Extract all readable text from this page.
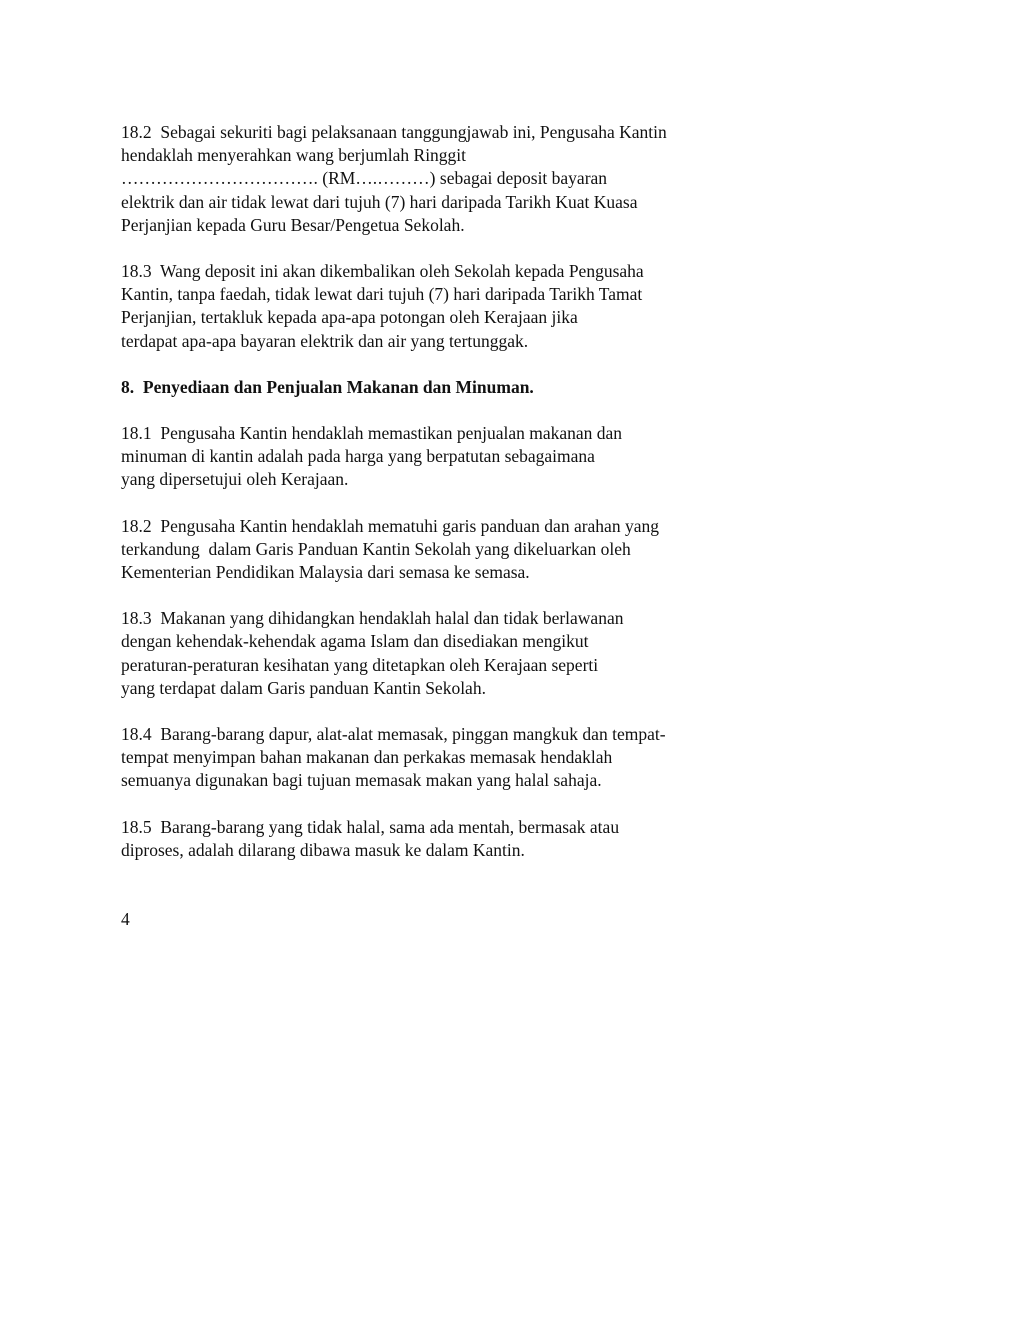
18.2  Sebagai sekuriti bagi pelaksanaan tanggungjawab ini, Pengusaha Kantin
hendaklah menyerahkan wang berjumlah Ringgit
……………………………. (RM….………) sebagai deposit bayaran
elektrik dan air tidak lewat dari tujuh (7) hari daripada Tarikh Kuat Kuasa
Perjanjian kepada Guru Besar/Pengetua Sekolah.
18.3  Wang deposit ini akan dikembalikan oleh Sekolah kepada Pengusaha
Kantin, tanpa faedah, tidak lewat dari tujuh (7) hari daripada Tarikh Tamat
Perjanjian, tertakluk kepada apa-apa potongan oleh Kerajaan jika
terdapat apa-apa bayaran elektrik dan air yang tertunggak.
8.  Penyediaan dan Penjualan Makanan dan Minuman.
18.1  Pengusaha Kantin hendaklah memastikan penjualan makanan dan
minuman di kantin adalah pada harga yang berpatutan sebagaimana
yang dipersetujui oleh Kerajaan.
18.2  Pengusaha Kantin hendaklah mematuhi garis panduan dan arahan yang
terkandung  dalam Garis Panduan Kantin Sekolah yang dikeluarkan oleh
Kementerian Pendidikan Malaysia dari semasa ke semasa.
18.3  Makanan yang dihidangkan hendaklah halal dan tidak berlawanan
dengan kehendak-kehendak agama Islam dan disediakan mengikut
peraturan-peraturan kesihatan yang ditetapkan oleh Kerajaan seperti
yang terdapat dalam Garis panduan Kantin Sekolah.
18.4  Barang-barang dapur, alat-alat memasak, pinggan mangkuk dan tempat-
tempat menyimpan bahan makanan dan perkakas memasak hendaklah
semuanya digunakan bagi tujuan memasak makan yang halal sahaja.
18.5  Barang-barang yang tidak halal, sama ada mentah, bermasak atau
diproses, adalah dilarang dibawa masuk ke dalam Kantin.
4
